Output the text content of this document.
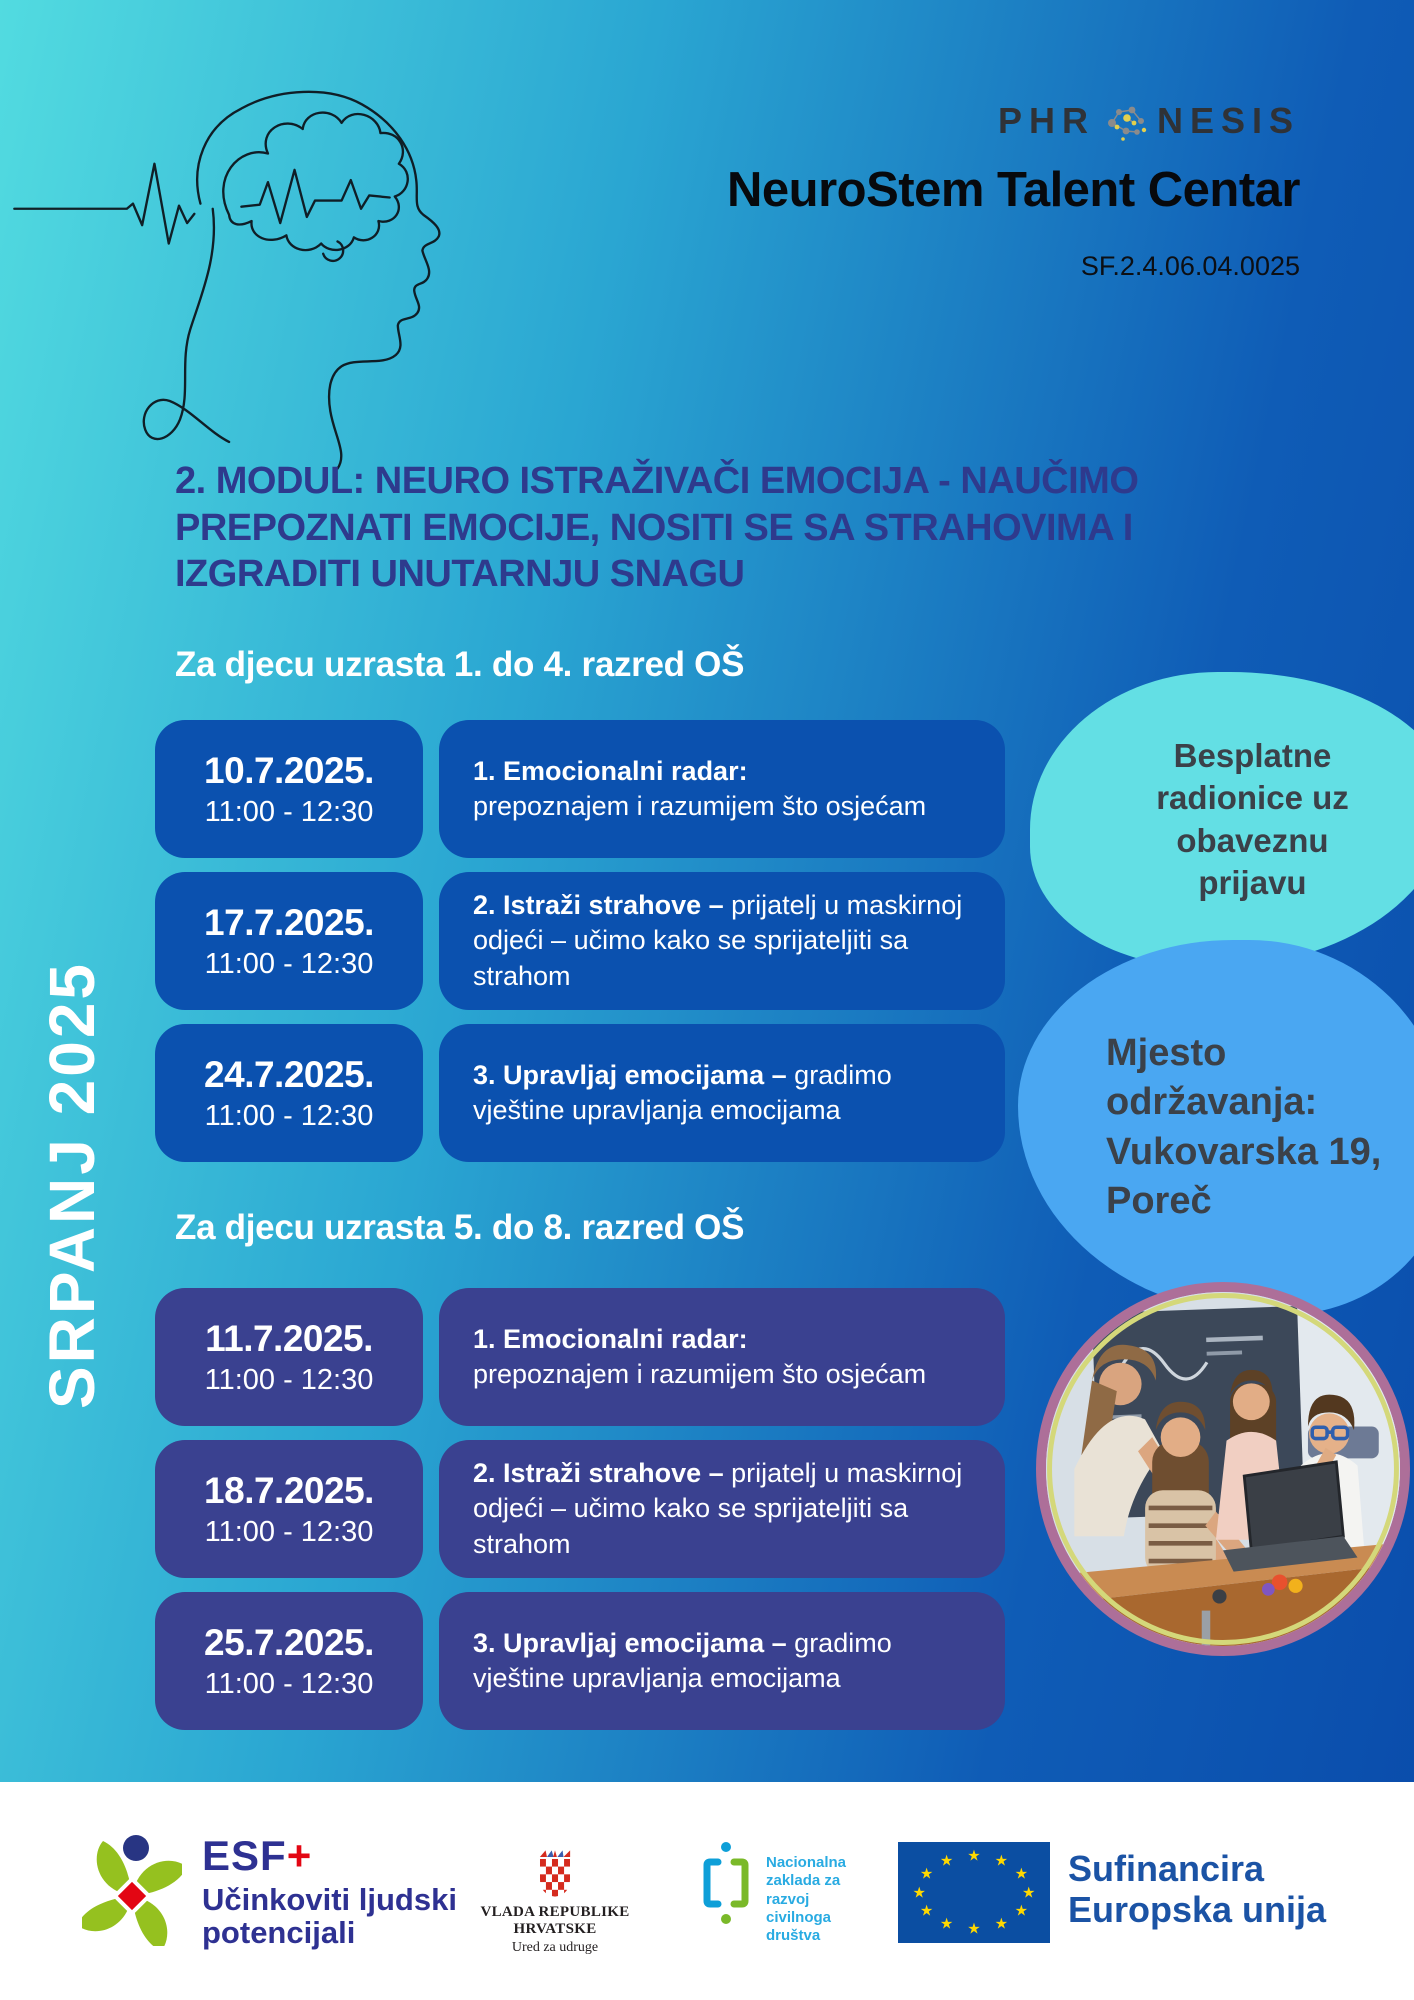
PHR NESIS
NeuroStem Talent Centar
SF.2.4.06.04.0025
2. MODUL: NEURO ISTRAŽIVAČI EMOCIJA - NAUČIMO PREPOZNATI EMOCIJE, NOSITI SE SA STRAHOVIMA I IZGRADITI UNUTARNJU SNAGU
Za djecu uzrasta 1. do 4. razred OŠ
10.7.2025.
11:00 - 12:30

1. Emocionalni radar:
prepoznajem i razumijem što osjećam

17.7.2025.
11:00 - 12:30

2. Istraži strahove – prijatelj u maskirnoj odjeći – učimo kako se sprijateljiti sa strahom

24.7.2025.
11:00 - 12:30

3. Upravljaj emocijama – gradimo vještine upravljanja emocijama

Za djecu uzrasta 5. do 8. razred OŠ
11.7.2025.
11:00 - 12:30

1. Emocionalni radar:
prepoznajem i razumijem što osjećam

18.7.2025.
11:00 - 12:30

2. Istraži strahove – prijatelj u maskirnoj odjeći – učimo kako se sprijateljiti sa strahom

25.7.2025.
11:00 - 12:30

3. Upravljaj emocijama – gradimo vještine upravljanja emocijama

Besplatne radionice uz obaveznu prijavu
Mjesto održavanja: Vukovarska 19, Poreč
SRPANJ 2025
ESF+
Učinkoviti ljudski potencijali
VLADA REPUBLIKE HRVATSKE
Ured za udruge
Nacionalna zaklada za razvoj civilnoga društva
★ ★
★
★
★
★
★
★
★
★
★
★	Sufinancira Europska unija
